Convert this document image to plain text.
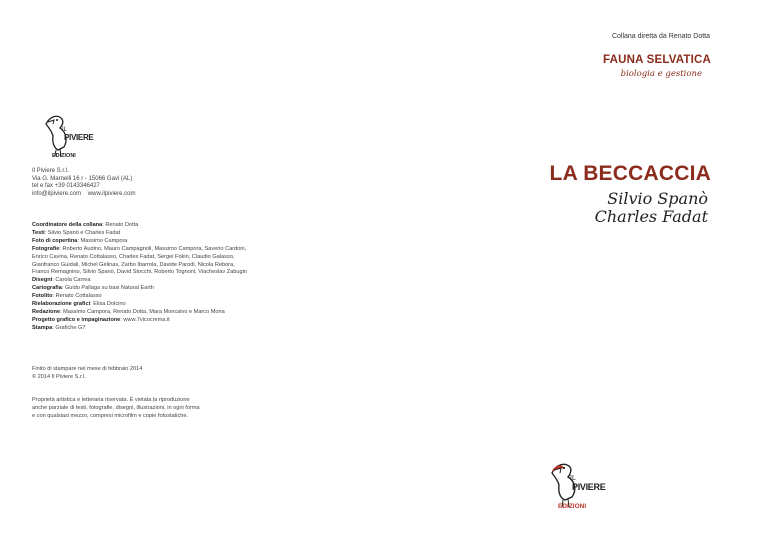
IL
PIVIERE
EDIZIONI
Il Piviere S.r.l.
Via G. Marnelli 16 r - 15066 Gavi (AL)
tel e fax +39 0143346427
info@ilpiviere.com    www.ilpiviere.com
Coordinatore della collana: Renato Dotta
Testi: Silvio Spanò e Charles Fadat
Foto di copertina: Massimo Campora
Fotografie: Roberto Audino, Mauro Campagnoli, Massimo Campora, Saverio Cardoni,
Enrico Cavina, Renato Cottalasso, Charles Fadat, Sergei Fokin, Claudio Galasso,
Gianfranco Guidali, Michel Gélinas, Zarbo Ibarrola, Davide Parodi, Nicola Rebora,
Franco Remagnino, Silvio Spanò, David Stocchi, Roberto Tognoni, Viacheslav Zabugin
Disegni: Carola Carrea
Cartografia: Guido Pallaga su basi Natural Earth
Fotolito: Renato Cottalasso
Rielaborazione grafici: Elisa Dolcino
Redazione: Massimo Campora, Renato Dotta, Mara Moncalvo e Marco Mona
Progetto grafico e impaginazione: www.7vicocrema.it
Stampa: Grafiche G7
Finito di stampare nel mese di febbraio 2014
© 2014 Il Piviere S.r.l.
Proprietà artistica e letteraria riservata. È vietata la riproduzione
anche parziale di testi, fotografie, disegni, illustrazioni, in ogni forma
e con qualsiasi mezzo, compresi microfilm e copie fotostatiche.
Collana diretta da Renato Dotta
FAUNA SELVATICA
biologia e gestione
LA BECCACCIA
Silvio Spanò
Charles Fadat
IL
PIVIERE
EDIZIONI
